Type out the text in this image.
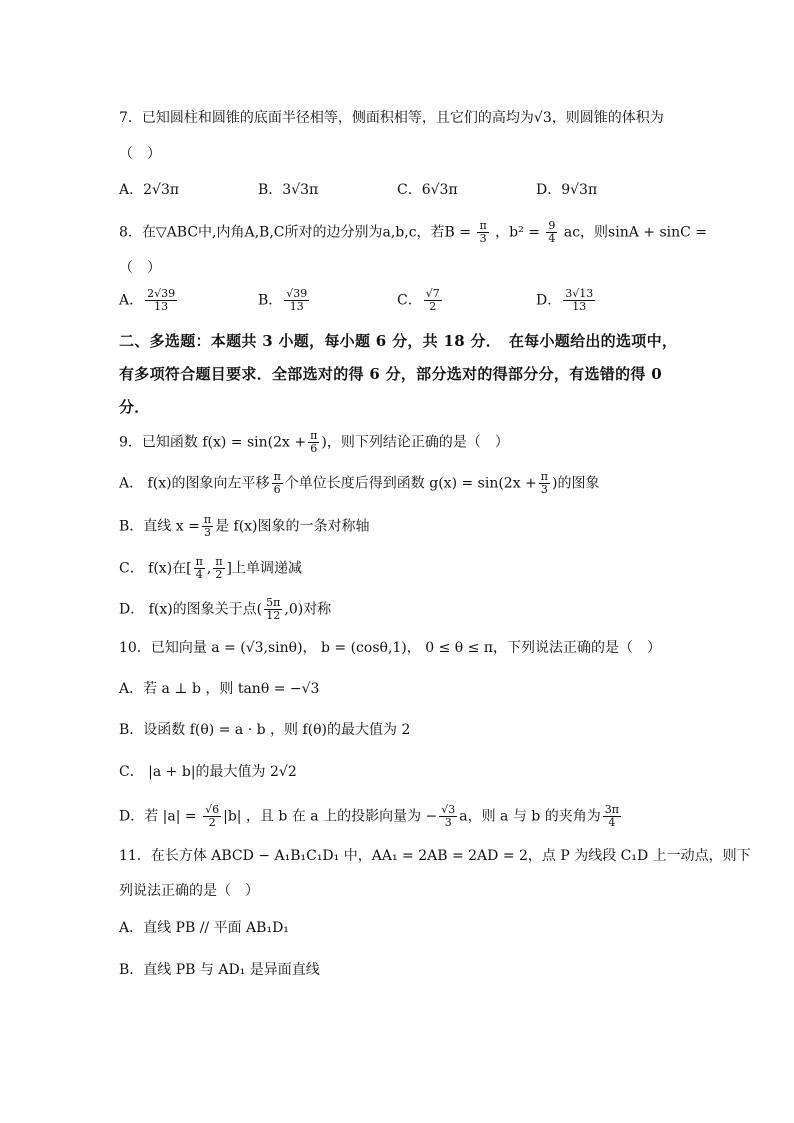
7．已知圆柱和圆锥的底面半径相等，侧面积相等，且它们的高均为√3，则圆锥的体积为
（　）
A．2√3π	B．3√3π	C．6√3π	D．9√3π
8．在▽ABC中,内角A,B,C所对的边分别为a,b,c，若$B = \frac{\pi}{3}$ ，$b^2 = \frac{9}{4}$ ac，则sinA + sinC =
（　）
A． $\frac{2√39}{13}$	B． $\frac{√39}{13}$	C． $\frac{√7}{2}$	D． $\frac{3√13}{13}$
二、多选题：本题共 3 小题，每小题 6 分，共 18 分．　在每小题给出的选项中，
有多项符合题目要求．全部选对的得 6 分，部分选对的得部分分，有选错的得 0
分．
9．已知函数 $f(x) = \sin(2x + \frac{\pi}{6}$ )，则下列结论正确的是（　）
A． f(x)的图象向左平移 $\frac{\pi}{6}$ 个单位长度后得到函数 $g(x) = \sin(2x + \frac{\pi}{3}$ )的图象
B．直线 $x = \frac{\pi}{3}$ 是 f(x)图象的一条对称轴
C． f(x)在[ $\frac{\pi}{4}$ , $\frac{\pi}{2}$ ]上单调递减
D． f(x)的图象关于点( $\frac{5\pi}{12} ,0$)对称
10．已知向量 a = (√3,sinθ)， b = (cosθ,1)， 0 ≤ θ ≤ π，下列说法正确的是（　）
A．若 a ⊥ b ，则 tanθ = −√3
B．设函数 f(θ) = a · b ，则 f(θ)的最大值为 2
C． |a + b|的最大值为 2√2
D．若 $|a| = \frac{√6}{2} |b|$ ，且 b 在 a 上的投影向量为 − $\frac{√3}{3}$ a，则 a 与 b 的夹角为 $\frac{3\pi}{4}$
11．在长方体 ABCD − A₁B₁C₁D₁ 中，AA₁ = 2AB = 2AD = 2，点 P 为线段 C₁D 上一动点，则下
列说法正确的是（　）
A．直线 PB // 平面 AB₁D₁
B．直线 PB 与 AD₁ 是异面直线
